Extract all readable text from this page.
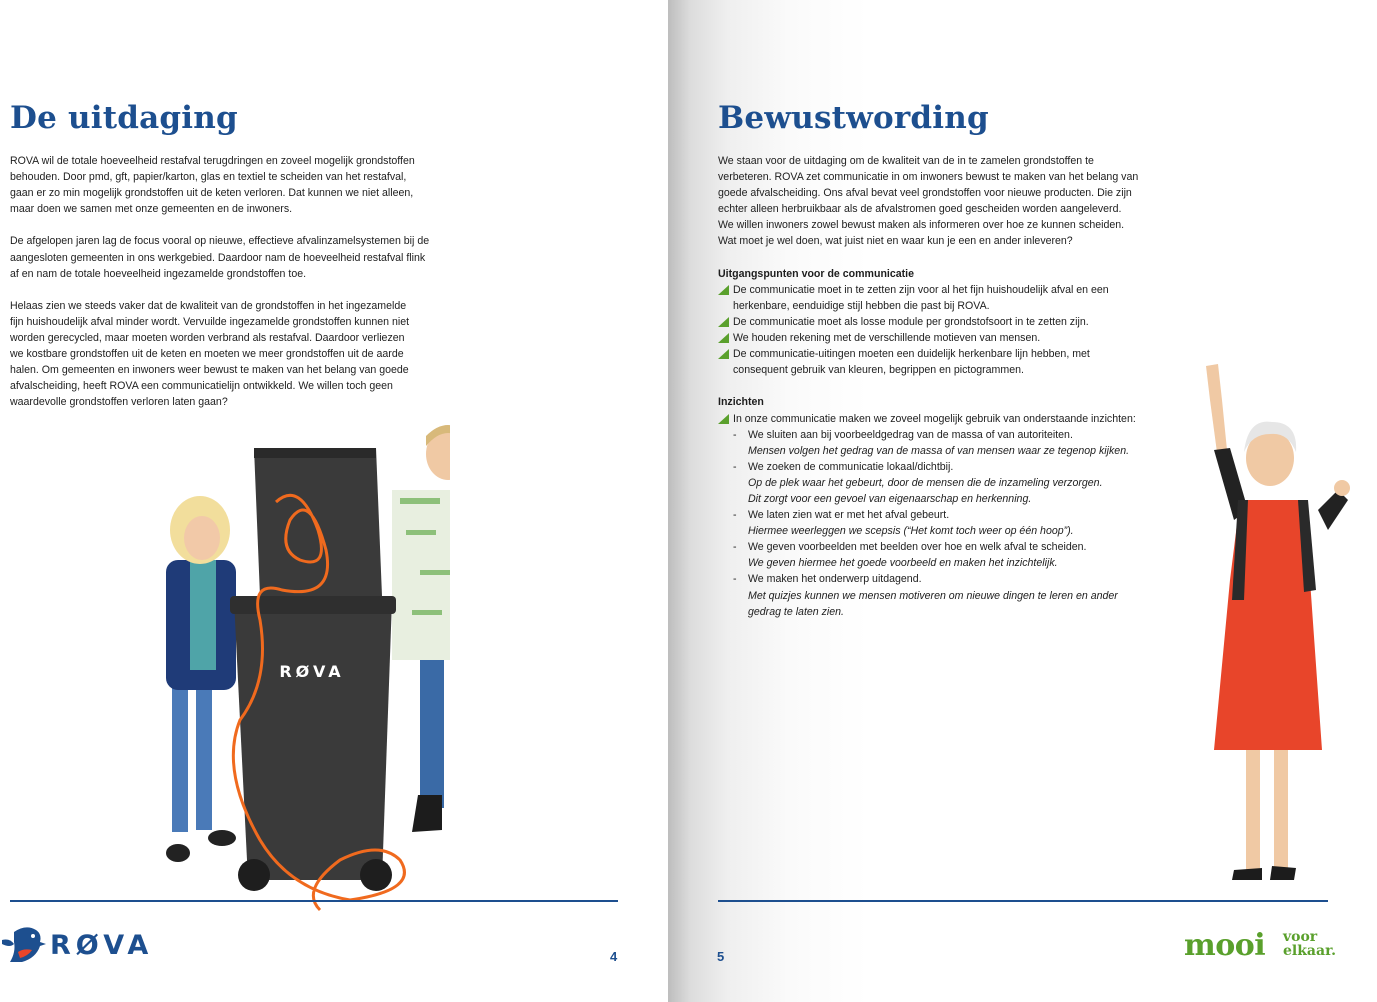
De uitdaging

ROVA wil de totale hoeveelheid restafval terugdringen en zoveel mogelijk grondstoffen
behouden. Door pmd, gft, papier/karton, glas en textiel te scheiden van het restafval,
gaan er zo min mogelijk grondstoffen uit de keten verloren. Dat kunnen we niet alleen,
maar doen we samen met onze gemeenten en de inwoners.

De afgelopen jaren lag de focus vooral op nieuwe, effectieve afvalinzamelsystemen bij de
aangesloten gemeenten in ons werkgebied. Daardoor nam de hoeveelheid restafval flink
af en nam de totale hoeveelheid ingezamelde grondstoffen toe.

Helaas zien we steeds vaker dat de kwaliteit van de grondstoffen in het ingezamelde
fijn huishoudelijk afval minder wordt. Vervuilde ingezamelde grondstoffen kunnen niet
worden gerecycled, maar moeten worden verbrand als restafval. Daardoor verliezen
we kostbare grondstoffen uit de keten en moeten we meer grondstoffen uit de aarde
halen. Om gemeenten en inwoners weer bewust te maken van het belang van goede
afvalscheiding, heeft ROVA een communicatielijn ontwikkeld. We willen toch geen
waardevolle grondstoffen verloren laten gaan?

RØVA
RØVA	4
Bewustwording

We staan voor de uitdaging om de kwaliteit van de in te zamelen grondstoffen te
verbeteren. ROVA zet communicatie in om inwoners bewust te maken van het belang van
goede afvalscheiding. Ons afval bevat veel grondstoffen voor nieuwe producten. Die zijn
echter alleen herbruikbaar als de afvalstromen goed gescheiden worden aangeleverd.
We willen inwoners zowel bewust maken als informeren over hoe ze kunnen scheiden.
Wat moet je wel doen, wat juist niet en waar kun je een en ander inleveren?

Uitgangspunten voor de communicatie
De communicatie moet in te zetten zijn voor al het fijn huishoudelijk afval en een
herkenbare, eenduidige stijl hebben die past bij ROVA.
De communicatie moet als losse module per grondstofsoort in te zetten zijn.
We houden rekening met de verschillende motieven van mensen.
De communicatie-uitingen moeten een duidelijk herkenbare lijn hebben, met
consequent gebruik van kleuren, begrippen en pictogrammen.
Inzichten
In onze communicatie maken we zoveel mogelijk gebruik van onderstaande inzichten:
- We sluiten aan bij voorbeeldgedrag van de massa of van autoriteiten.
Mensen volgen het gedrag van de massa of van mensen waar ze tegenop kijken.
- We zoeken de communicatie lokaal/dichtbij.
Op de plek waar het gebeurt, door de mensen die de inzameling verzorgen.
Dit zorgt voor een gevoel van eigenaarschap en herkenning.
- We laten zien wat er met het afval gebeurt.
Hiermee weerleggen we scepsis (“Het komt toch weer op één hoop”).
- We geven voorbeelden met beelden over hoe en welk afval te scheiden.
We geven hiermee het goede voorbeeld en maken het inzichtelijk.
- We maken het onderwerp uitdagend.
Met quizjes kunnen we mensen motiveren om nieuwe dingen te leren en ander
gedrag te laten zien.
5	mooi voor
elkaar.
